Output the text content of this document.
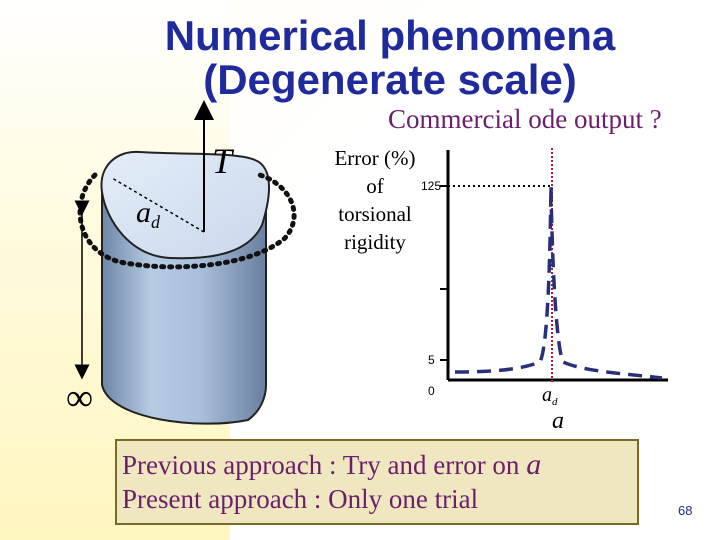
Numerical phenomena
(Degenerate scale)
Commercial ode output ?
T
$a_d$
∞
Error (%)
of
torsional
rigidity
125
5
0	$a_d$
a
Previous approach : Try and error on a
Present approach : Only one trial	68
